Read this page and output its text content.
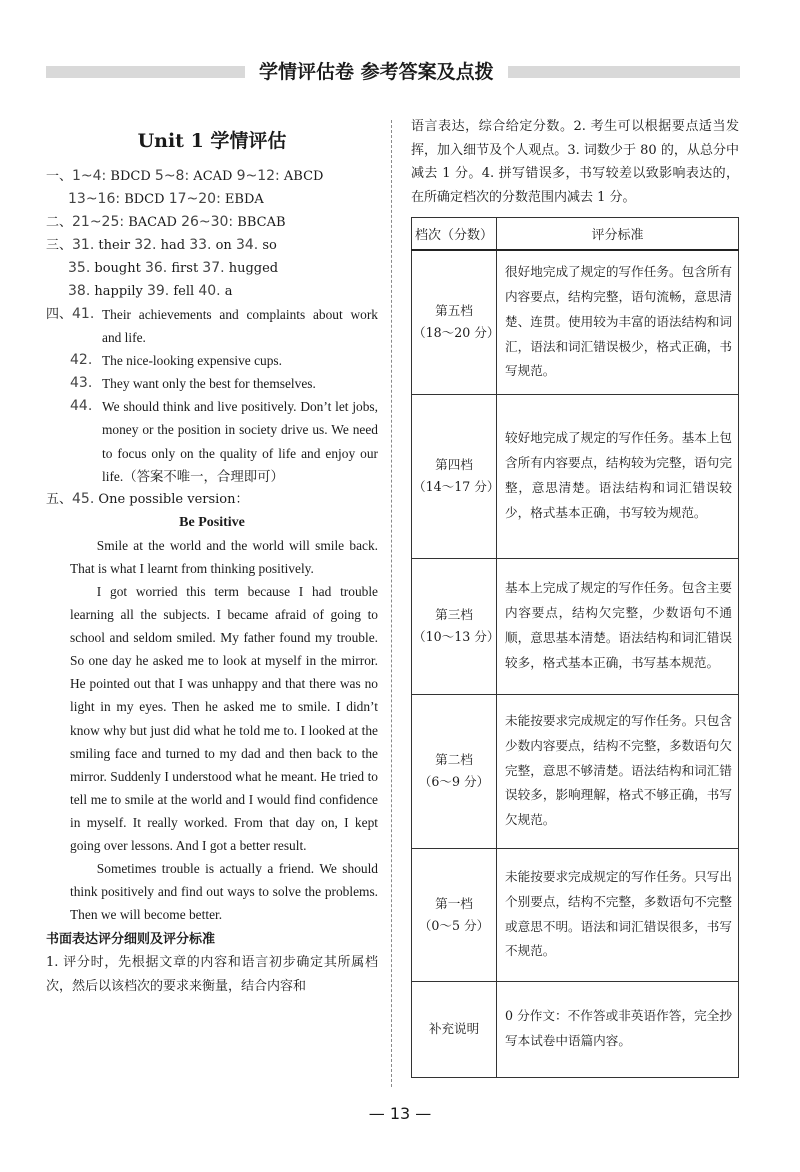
学情评估卷 参考答案及点拨
Unit 1 学情评估
一、1~4: BDCD 5~8: ACAD 9~12: ABCD
13~16: BDCD 17~20: EBDA
二、21~25: BACAD 26~30: BBCAB
三、31. their 32. had 33. on 34. so
35. bought 36. first 37. hugged
38. happily 39. fell 40. a
四、41. Their achievements and complaints about work and life.
42. The nice-looking expensive cups.
43. They want only the best for themselves.
44. We should think and live positively. Don’t let jobs, money or the position in society drive us. We need to focus only on the quality of life and enjoy our life.（答案不唯一，合理即可）
五、45. One possible version：
Be Positive

Smile at the world and the world will smile back. That is what I learnt from thinking positively.

I got worried this term because I had trouble learning all the subjects. I became afraid of going to school and seldom smiled. My father found my trouble. So one day he asked me to look at myself in the mirror. He pointed out that I was unhappy and that there was no light in my eyes. Then he asked me to smile. I didn’t know why but just did what he told me to. I looked at the smiling face and turned to my dad and then back to the mirror. Suddenly I understood what he meant. He tried to tell me to smile at the world and I would find confidence in myself. It really worked. From that day on, I kept going over lessons. And I got a better result.

Sometimes trouble is actually a friend. We should think positively and find out ways to solve the problems. Then we will become better.

书面表达评分细则及评分标准
1. 评分时，先根据文章的内容和语言初步确定其所属档次，然后以该档次的要求来衡量，结合内容和
语言表达，综合给定分数。2. 考生可以根据要点适当发挥，加入细节及个人观点。3. 词数少于 80 的，从总分中减去 1 分。4. 拼写错误多，书写较差以致影响表达的，在所确定档次的分数范围内减去 1 分。
档次（分数）	评分标准

第五档
（18～20 分）	很好地完成了规定的写作任务。包含所有内容要点，结构完整，语句流畅，意思清楚、连贯。使用较为丰富的语法结构和词汇，语法和词汇错误极少，格式正确，书写规范。

第四档
（14～17 分）	较好地完成了规定的写作任务。基本上包含所有内容要点，结构较为完整，语句完整，意思清楚。语法结构和词汇错误较少，格式基本正确，书写较为规范。

第三档
（10～13 分）	基本上完成了规定的写作任务。包含主要内容要点，结构欠完整，少数语句不通顺，意思基本清楚。语法结构和词汇错误较多，格式基本正确，书写基本规范。

第二档
（6～9 分）	未能按要求完成规定的写作任务。只包含少数内容要点，结构不完整，多数语句欠完整，意思不够清楚。语法结构和词汇错误较多，影响理解，格式不够正确，书写欠规范。

第一档
（0～5 分）	未能按要求完成规定的写作任务。只写出个别要点，结构不完整，多数语句不完整或意思不明。语法和词汇错误很多，书写不规范。

补充说明	0 分作文：不作答或非英语作答，完全抄写本试卷中语篇内容。
— 13 —
